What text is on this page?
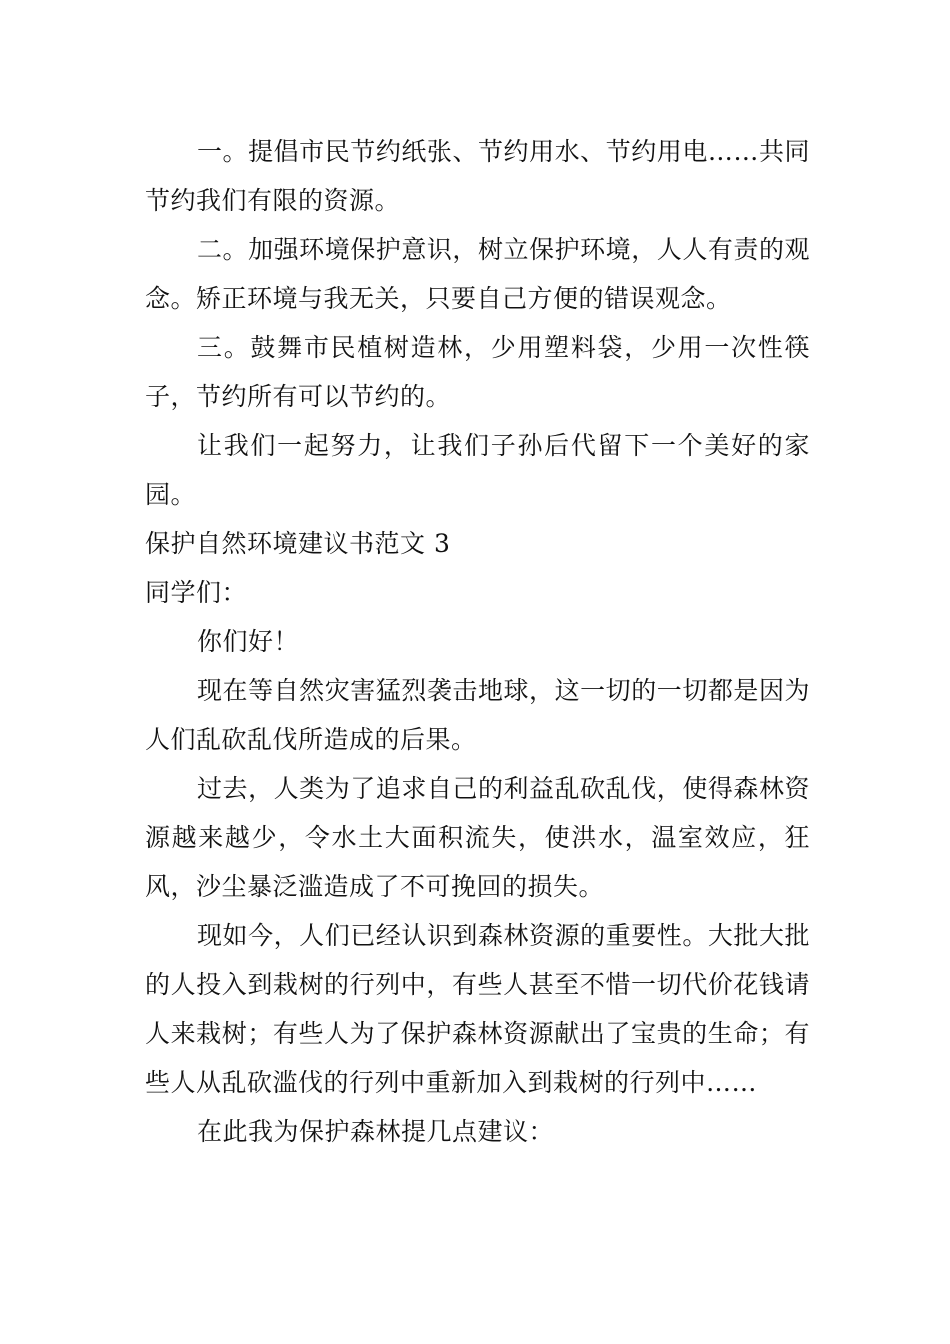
一。提倡市民节约纸张、节约用水、节约用电……共同节约我们有限的资源。

二。加强环境保护意识，树立保护环境，人人有责的观念。矫正环境与我无关，只要自己方便的错误观念。

三。鼓舞市民植树造林，少用塑料袋，少用一次性筷子，节约所有可以节约的。

让我们一起努力，让我们子孙后代留下一个美好的家园。

保护自然环境建议书范文 3

同学们：

你们好！

现在等自然灾害猛烈袭击地球，这一切的一切都是因为人们乱砍乱伐所造成的后果。

过去，人类为了追求自己的利益乱砍乱伐，使得森林资源越来越少，令水土大面积流失，使洪水，温室效应，狂风，沙尘暴泛滥造成了不可挽回的损失。

现如今，人们已经认识到森林资源的重要性。大批大批的人投入到栽树的行列中，有些人甚至不惜一切代价花钱请人来栽树；有些人为了保护森林资源献出了宝贵的生命；有些人从乱砍滥伐的行列中重新加入到栽树的行列中……

在此我为保护森林提几点建议：
